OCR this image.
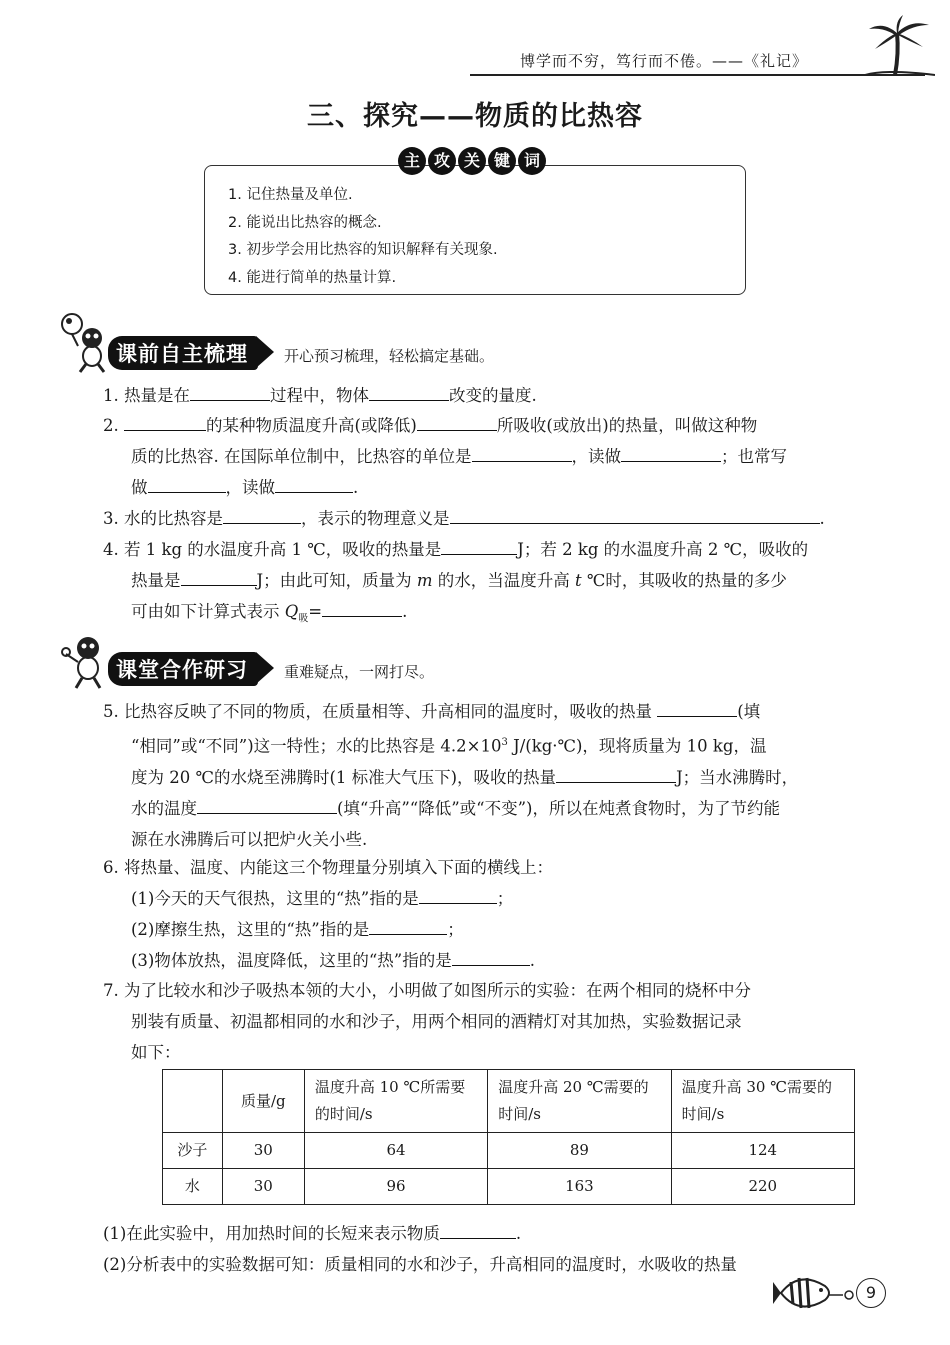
博学而不穷，笃行而不倦。——《礼记》
三、探究——物质的比热容
主 攻 关 键 词
1. 记住热量及单位.
2. 能说出比热容的概念.
3. 初步学会用比热容的知识解释有关现象.
4. 能进行简单的热量计算.
课前自主梳理 开心预习梳理，轻松搞定基础。
1. 热量是在	过程中，物体	改变的量度.
2.	的某种物质温度升高(或降低)	所吸收(或放出)的热量，叫做这种物
质的比热容. 在国际单位制中，比热容的单位是	，读做	；也常写
做	，读做	.
3. 水的比热容是	，表示的物理意义是	.
4. 若 1 kg 的水温度升高 1 ℃，吸收的热量是	J；若 2 kg 的水温度升高 2 ℃，吸收的
热量是	J；由此可知，质量为 m 的水，当温度升高 t ℃时，其吸收的热量的多少
可由如下计算式表示 $Q_吸=$	.
课堂合作研习 重难疑点，一网打尽。
5. 比热容反映了不同的物质，在质量相等、升高相同的温度时，吸收的热量	(填
“相同”或“不同”)这一特性；水的比热容是 $4.2\times 10^3$ J/(kg·℃)，现将质量为 10 kg，温
度为 20 ℃的水烧至沸腾时(1 标准大气压下)，吸收的热量	J；当水沸腾时，
水的温度	(填“升高”“降低”或“不变”)，所以在炖煮食物时，为了节约能
源在水沸腾后可以把炉火关小些.
6. 将热量、温度、内能这三个物理量分别填入下面的横线上：
(1)今天的天气很热，这里的“热”指的是	；
(2)摩擦生热，这里的“热”指的是	；
(3)物体放热，温度降低，这里的“热”指的是	.
7. 为了比较水和沙子吸热本领的大小，小明做了如图所示的实验：在两个相同的烧杯中分
别装有质量、初温都相同的水和沙子，用两个相同的酒精灯对其加热，实验数据记录
如下：
	质量/g	温度升高 10 ℃所需要的时间/s	温度升高 20 ℃需要的时间/s	温度升高 30 ℃需要的时间/s
沙子	30	64	89	124
水	30	96	163	220
(1)在此实验中，用加热时间的长短来表示物质	.
(2)分析表中的实验数据可知：质量相同的水和沙子，升高相同的温度时，水吸收的热量
9
